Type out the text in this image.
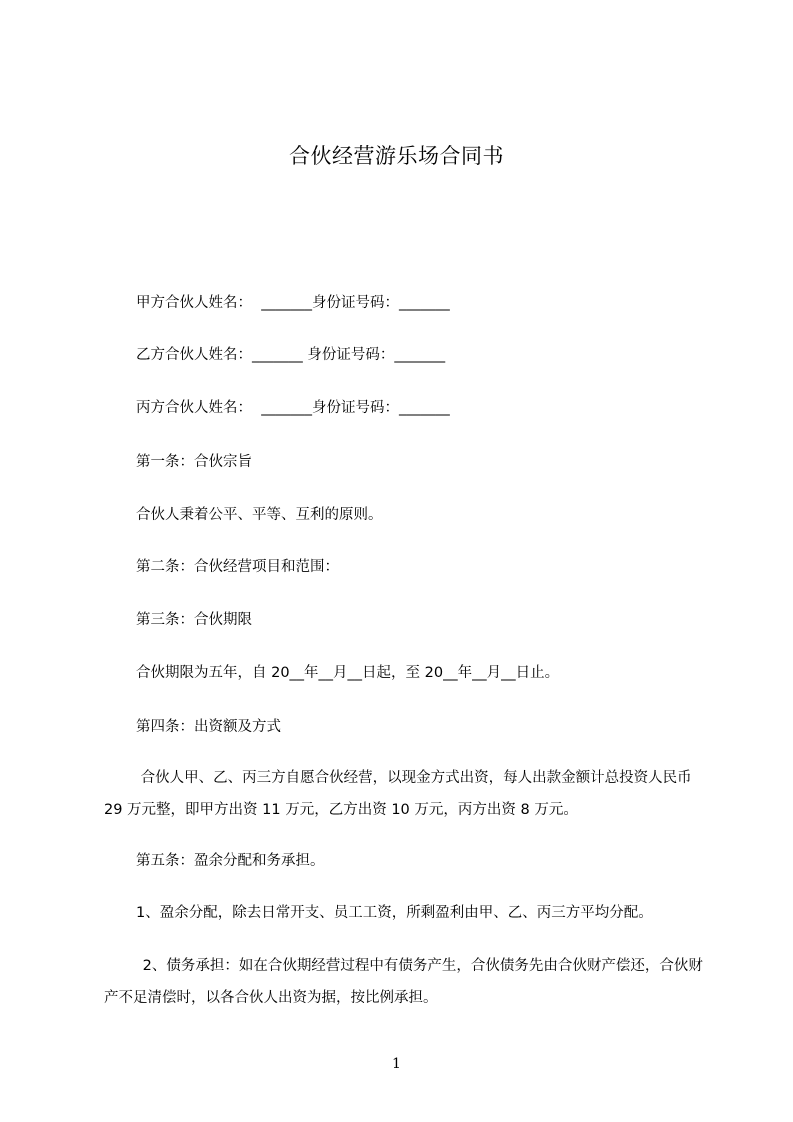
合伙经营游乐场合同书
甲方合伙人姓名：  _______身份证号码：_______
乙方合伙人姓名：_______ 身份证号码：_______
丙方合伙人姓名：  _______身份证号码：_______
第一条：合伙宗旨
合伙人秉着公平、平等、互利的原则。
第二条：合伙经营项目和范围：
第三条：合伙期限
合伙期限为五年，自 20__年__月__日起，至 20__年__月__日止。
第四条：出资额及方式
合伙人甲、乙、丙三方自愿合伙经营，以现金方式出资，每人出款金额计总投资人民币 29 万元整，即甲方出资 11 万元，乙方出资 10 万元，丙方出资 8 万元。
第五条：盈余分配和务承担。
1、盈余分配，除去日常开支、员工工资，所剩盈利由甲、乙、丙三方平均分配。
2、债务承担：如在合伙期经营过程中有债务产生，合伙债务先由合伙财产偿还，合伙财产不足清偿时，以各合伙人出资为据，按比例承担。
1
